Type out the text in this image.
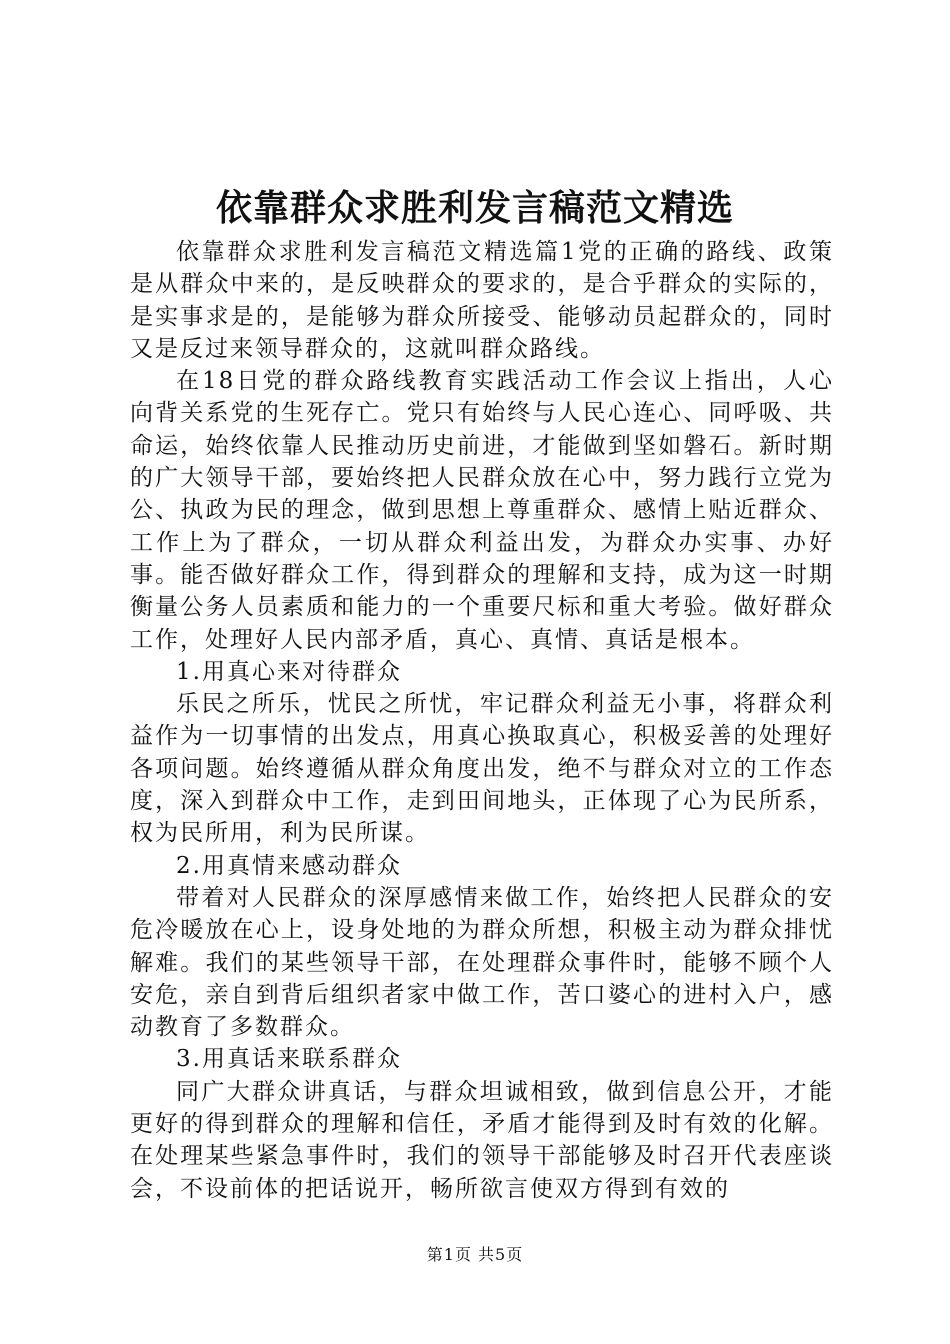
依靠群众求胜利发言稿范文精选

依靠群众求胜利发言稿范文精选篇1党的正确的路线、政策是从群众中来的，是反映群众的要求的，是合乎群众的实际的，是实事求是的，是能够为群众所接受、能够动员起群众的，同时又是反过来领导群众的，这就叫群众路线。

在18日党的群众路线教育实践活动工作会议上指出，人心向背关系党的生死存亡。党只有始终与人民心连心、同呼吸、共命运，始终依靠人民推动历史前进，才能做到坚如磐石。新时期的广大领导干部，要始终把人民群众放在心中，努力践行立党为公、执政为民的理念，做到思想上尊重群众、感情上贴近群众、工作上为了群众，一切从群众利益出发，为群众办实事、办好事。能否做好群众工作，得到群众的理解和支持，成为这一时期衡量公务人员素质和能力的一个重要尺标和重大考验。做好群众工作，处理好人民内部矛盾，真心、真情、真话是根本。

1.用真心来对待群众

乐民之所乐，忧民之所忧，牢记群众利益无小事，将群众利益作为一切事情的出发点，用真心换取真心，积极妥善的处理好各项问题。始终遵循从群众角度出发，绝不与群众对立的工作态度，深入到群众中工作，走到田间地头，正体现了心为民所系，权为民所用，利为民所谋。

2.用真情来感动群众

带着对人民群众的深厚感情来做工作，始终把人民群众的安危冷暖放在心上，设身处地的为群众所想，积极主动为群众排忧解难。我们的某些领导干部，在处理群众事件时，能够不顾个人安危，亲自到背后组织者家中做工作，苦口婆心的进村入户，感动教育了多数群众。

3.用真话来联系群众

同广大群众讲真话，与群众坦诚相致，做到信息公开，才能更好的得到群众的理解和信任，矛盾才能得到及时有效的化解。在处理某些紧急事件时，我们的领导干部能够及时召开代表座谈会，不设前体的把话说开，畅所欲言使双方得到有效的

第1页 共5页
